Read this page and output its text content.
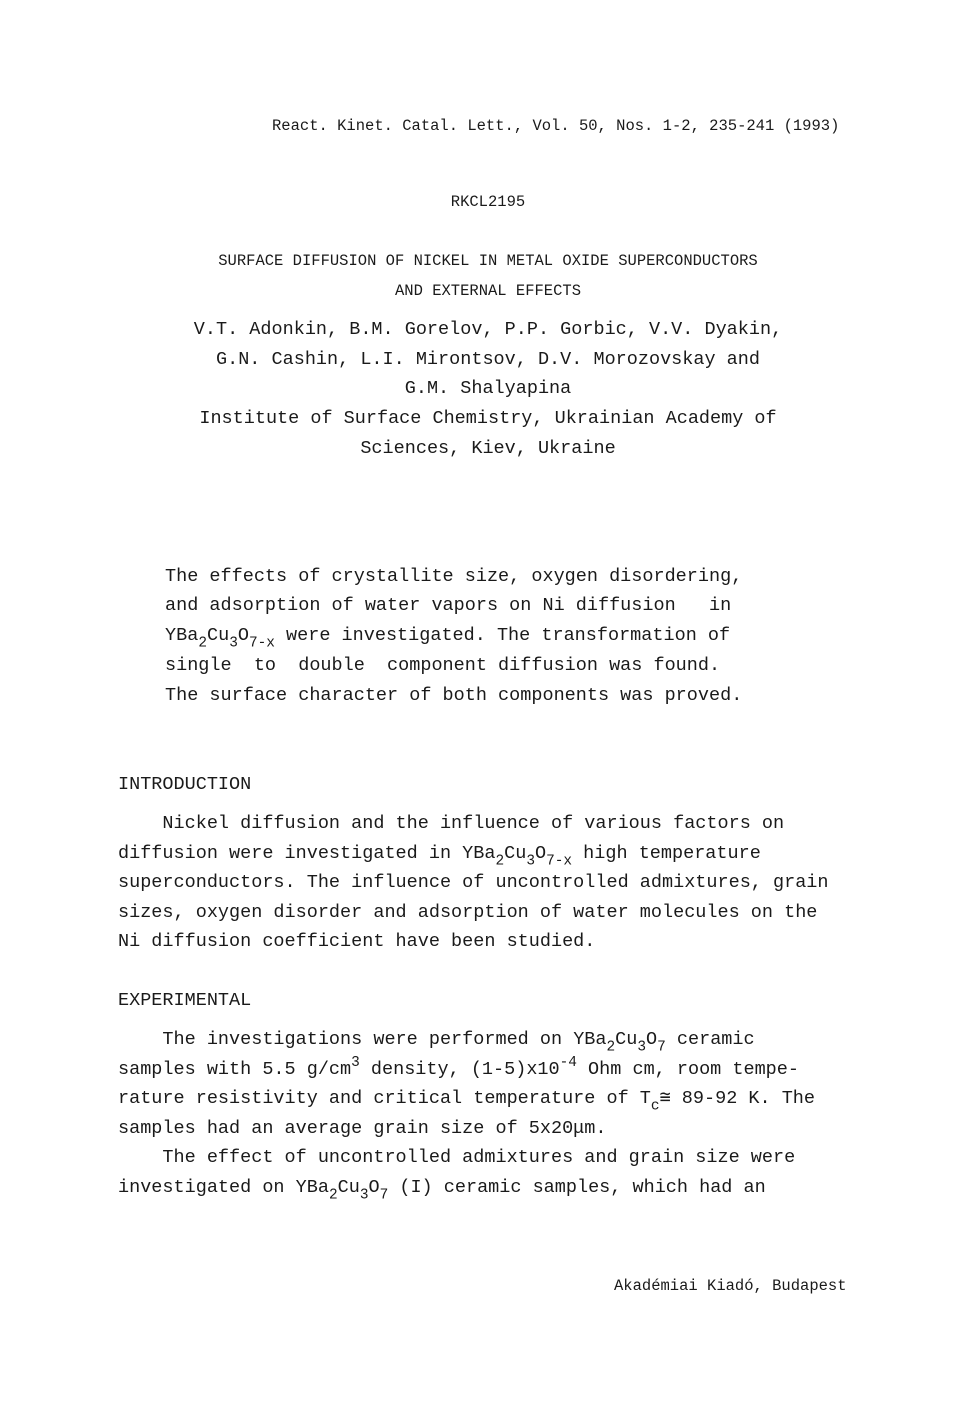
React. Kinet. Catal. Lett., Vol. 50, Nos. 1-2, 235-241 (1993)
RKCL2195
SURFACE DIFFUSION OF NICKEL IN METAL OXIDE SUPERCONDUCTORS
AND EXTERNAL EFFECTS
V.T. Adonkin, B.M. Gorelov, P.P. Gorbic, V.V. Dyakin,
G.N. Cashin, L.I. Mirontsov, D.V. Morozovskay and
G.M. Shalyapina
Institute of Surface Chemistry, Ukrainian Academy of
Sciences, Kiev, Ukraine
The effects of crystallite size, oxygen disordering,
and adsorption of water vapors on Ni diffusion   in
$YBa_2Cu_3O_{7-x}$ were investigated. The transformation of
single  to  double  component diffusion was found.
The surface character of both components was proved.
INTRODUCTION
Nickel diffusion and the influence of various factors on
diffusion were investigated in $YBa_2Cu_3O_{7-x}$ high temperature
superconductors. The influence of uncontrolled admixtures, grain
sizes, oxygen disorder and adsorption of water molecules on the
Ni diffusion coefficient have been studied.
EXPERIMENTAL
The investigations were performed on $YBa_2Cu_3O_7$ ceramic
samples with 5.5 $g/cm^3$ density, $(1-5)x10^{-4}$ Ohm cm, room tempe-
rature resistivity and critical temperature of $T_c≅$ 89-92 K. The
samples had an average grain size of 5x20μm.
The effect of uncontrolled admixtures and grain size were
investigated on $YBa_2Cu_3O_7$ (I) ceramic samples, which had an
Akadémiai Kiadó, Budapest
